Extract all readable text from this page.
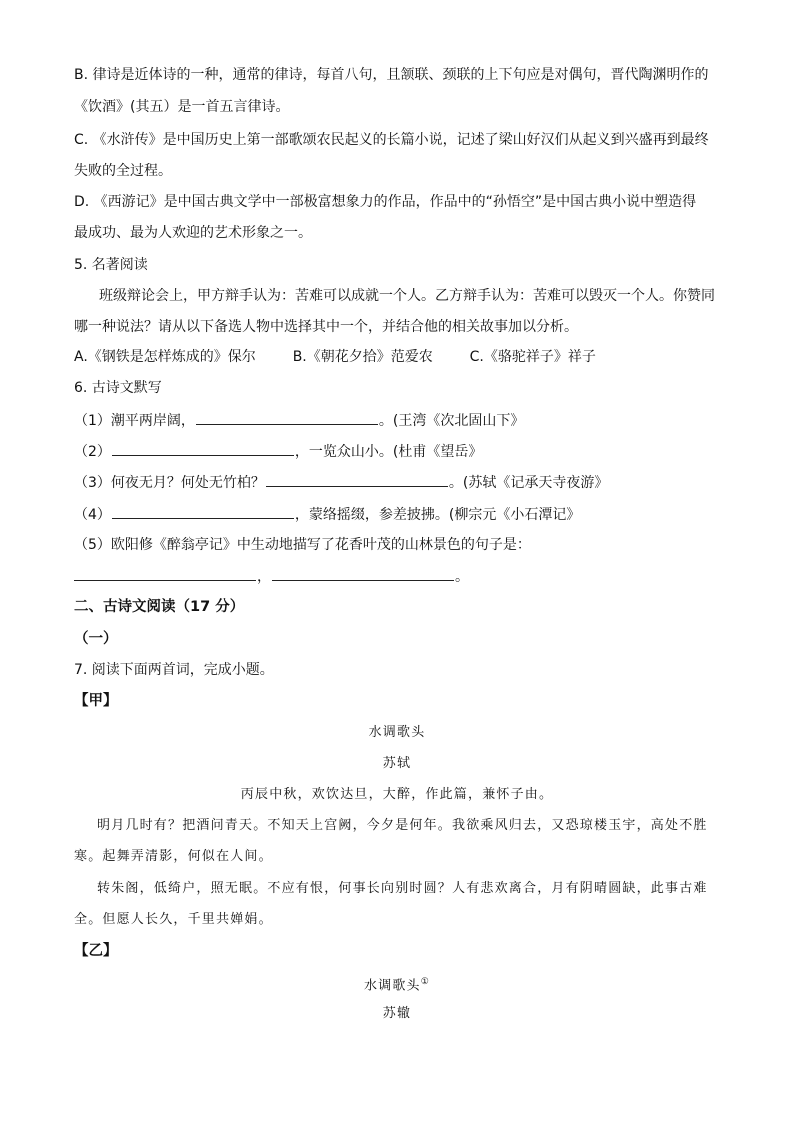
B. 律诗是近体诗的一种，通常的律诗，每首八句，且颔联、颈联的上下句应是对偶句，晋代陶渊明作的
《饮酒》(其五）是一首五言律诗。
C. 《水浒传》是中国历史上第一部歌颂农民起义的长篇小说，记述了梁山好汉们从起义到兴盛再到最终
失败的全过程。
D. 《西游记》是中国古典文学中一部极富想象力的作品，作品中的“孙悟空”是中国古典小说中塑造得
最成功、最为人欢迎的艺术形象之一。
5. 名著阅读
班级辩论会上，甲方辩手认为：苦难可以成就一个人。乙方辩手认为：苦难可以毁灭一个人。你赞同
哪一种说法？请从以下备选人物中选择其中一个，并结合他的相关故事加以分析。
A.《钢铁是怎样炼成的》保尔	B.《朝花夕拾》范爱农	C.《骆驼祥子》祥子
6. 古诗文默写
（1）潮平两岸阔，	。(王湾《次北固山下》
（2）	，一览众山小。(杜甫《望岳》
（3）何夜无月？何处无竹柏？	。(苏轼《记承天寺夜游》
（4）	，蒙络摇缀，参差披拂。(柳宗元《小石潭记》
（5）欧阳修《醉翁亭记》中生动地描写了花香叶茂的山林景色的句子是：
，	。
二、古诗文阅读（17 分）
（一）
7. 阅读下面两首词，完成小题。
【甲】
水调歌头
苏轼
丙辰中秋，欢饮达旦，大醉，作此篇，兼怀子由。
明月几时有？把酒问青天。不知天上宫阙，今夕是何年。我欲乘风归去，又恐琼楼玉宇，高处不胜
寒。起舞弄清影，何似在人间。
转朱阁，低绮户，照无眠。不应有恨，何事长向别时圆？人有悲欢离合，月有阴晴圆缺，此事古难
全。但愿人长久，千里共婵娟。
【乙】
水调歌头①
苏辙
